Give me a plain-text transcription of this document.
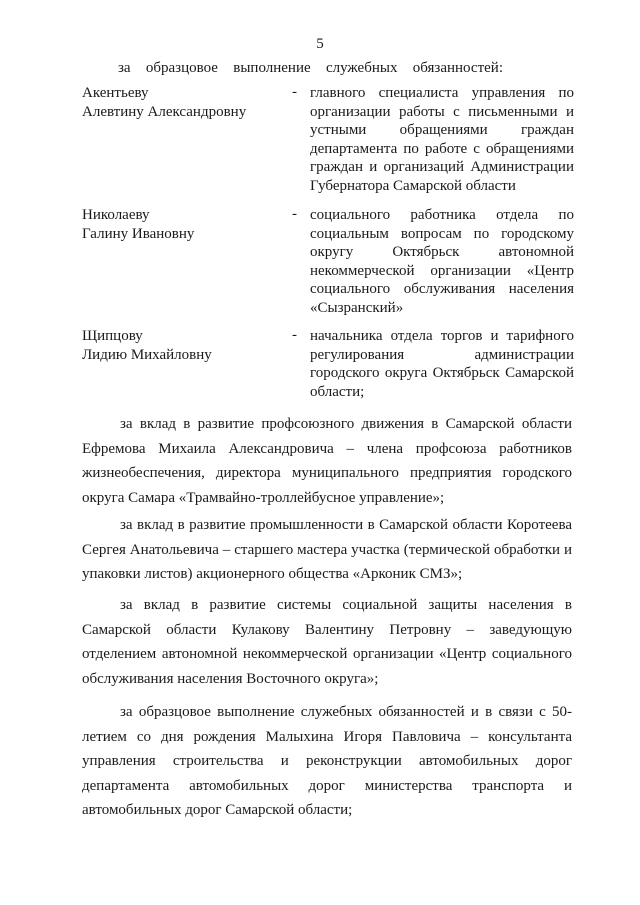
5
за образцовое выполнение служебных обязанностей:
Акентьеву
Алевтину Александровну
- главного специалиста управления по организации работы с письменными и устными обращениями граждан департамента по работе с обращениями граждан и организаций Администрации Губернатора Самарской области
Николаеву
Галину Ивановну
- социального работника отдела по социальным вопросам по городскому округу Октябрьск автономной некоммерческой организации «Центр социального обслуживания населения «Сызранский»
Щипцову
Лидию Михайловну
- начальника отдела торгов и тарифного регулирования администрации городского округа Октябрьск Самарской области;
за вклад в развитие профсоюзного движения в Самарской области Ефремова Михаила Александровича – члена профсоюза работников жизнеобеспечения, директора муниципального предприятия городского округа Самара «Трамвайно-троллейбусное управление»;
за вклад в развитие промышленности в Самарской области Коротеева Сергея Анатольевича – старшего мастера участка (термической обработки и упаковки листов) акционерного общества «Арконик СМЗ»;
за вклад в развитие системы социальной защиты населения в Самарской области Кулакову Валентину Петровну – заведующую отделением автономной некоммерческой организации «Центр социального обслуживания населения Восточного округа»;
за образцовое выполнение служебных обязанностей и в связи с 50-летием со дня рождения Малыхина Игоря Павловича – консультанта управления строительства и реконструкции автомобильных дорог департамента автомобильных дорог министерства транспорта и автомобильных дорог Самарской области;
